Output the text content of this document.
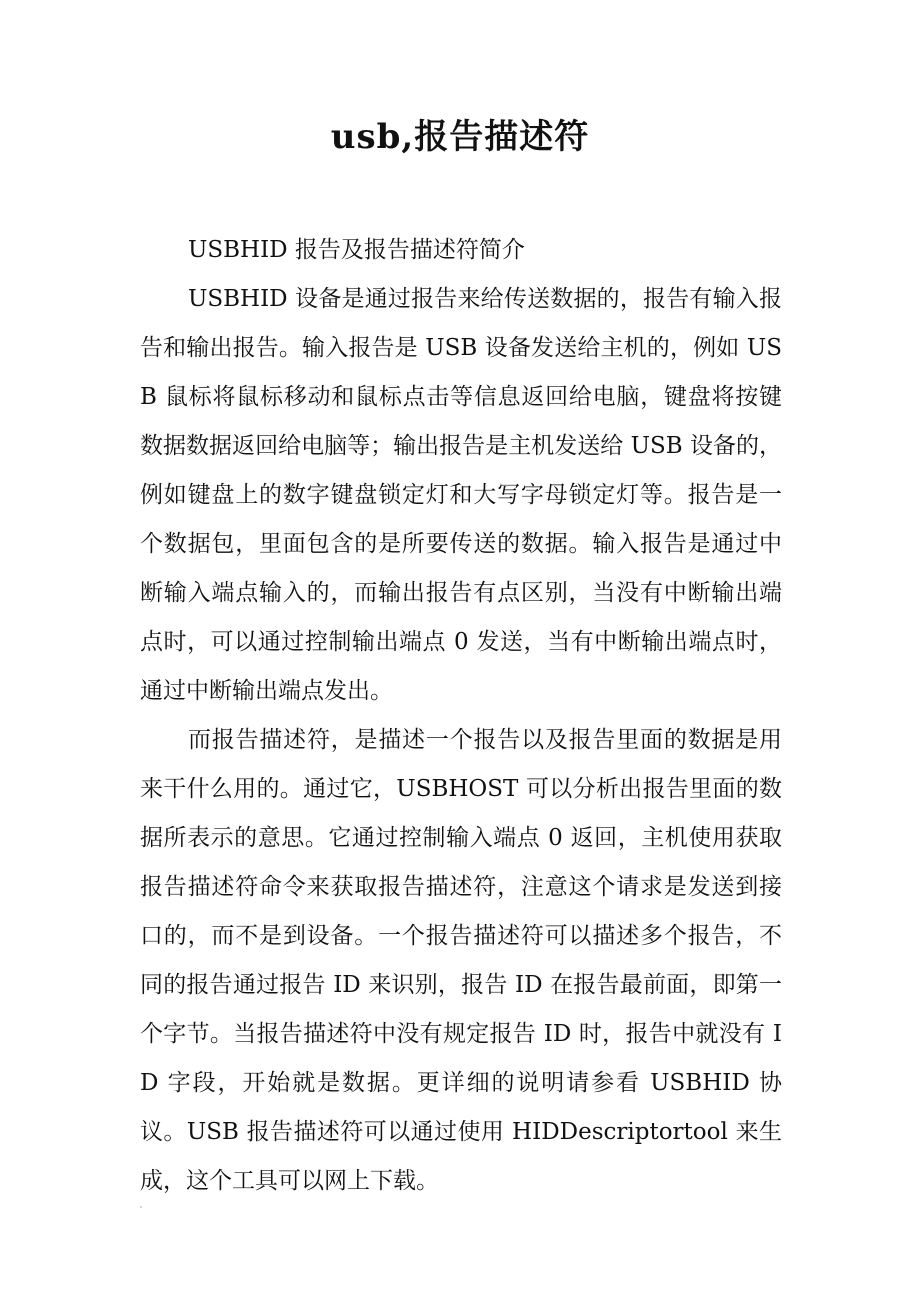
usb,报告描述符

USBHID 报告及报告描述符简介

USBHID 设备是通过报告来给传送数据的，报告有输入报告和输出报告。输入报告是 USB 设备发送给主机的，例如 USB 鼠标将鼠标移动和鼠标点击等信息返回给电脑，键盘将按键数据数据返回给电脑等；输出报告是主机发送给 USB 设备的，例如键盘上的数字键盘锁定灯和大写字母锁定灯等。报告是一个数据包，里面包含的是所要传送的数据。输入报告是通过中断输入端点输入的，而输出报告有点区别，当没有中断输出端点时，可以通过控制输出端点 0 发送，当有中断输出端点时，通过中断输出端点发出。

而报告描述符，是描述一个报告以及报告里面的数据是用来干什么用的。通过它，USBHOST 可以分析出报告里面的数据所表示的意思。它通过控制输入端点 0 返回，主机使用获取报告描述符命令来获取报告描述符，注意这个请求是发送到接口的，而不是到设备。一个报告描述符可以描述多个报告，不同的报告通过报告 ID 来识别，报告 ID 在报告最前面，即第一个字节。当报告描述符中没有规定报告 ID 时，报告中就没有 ID 字段，开始就是数据。更详细的说明请参看 USBHID 协议。USB 报告描述符可以通过使用 HIDDescriptortool 来生成，这个工具可以网上下载。
